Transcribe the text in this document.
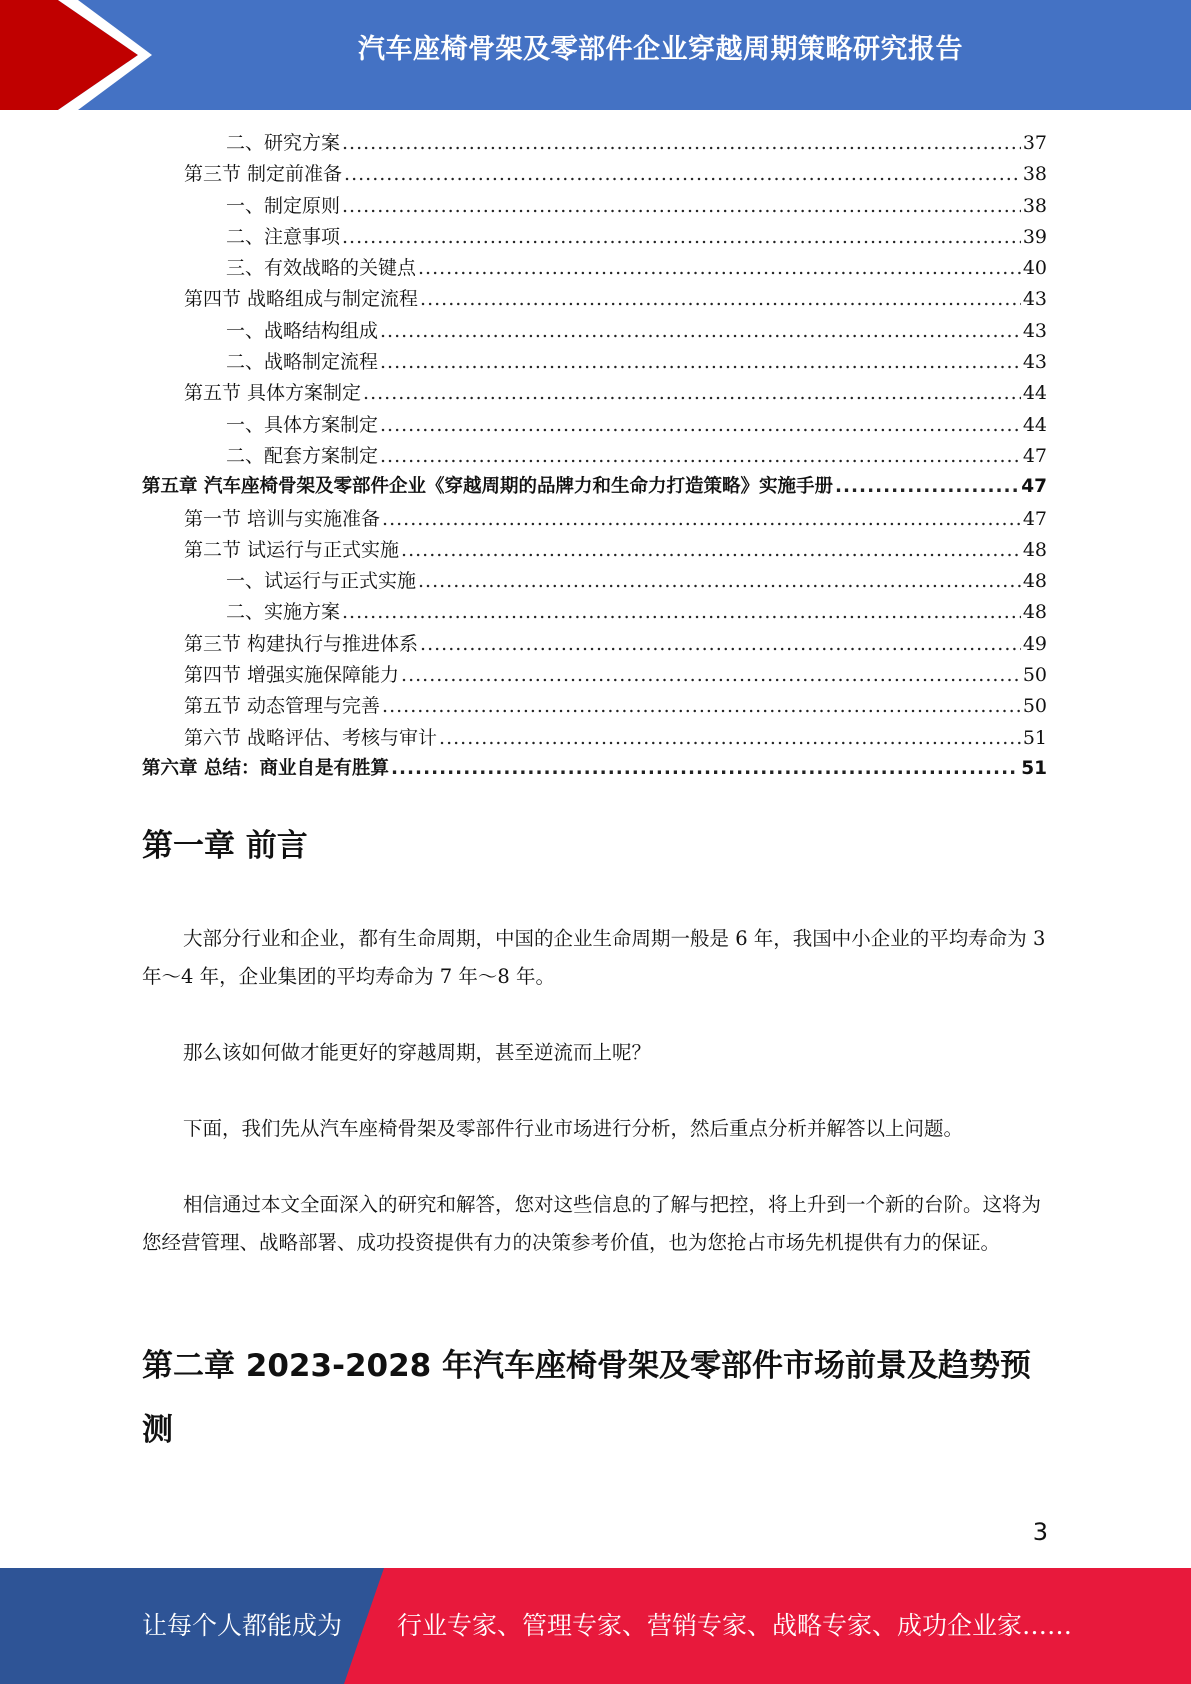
汽车座椅骨架及零部件企业穿越周期策略研究报告
二、研究方案 .....	37
第三节 制定前准备 .....	38
一、制定原则 .....	38
二、注意事项 .....	39
三、有效战略的关键点 .....	40
第四节 战略组成与制定流程 .....	43
一、战略结构组成 .....	43
二、战略制定流程 .....	43
第五节 具体方案制定 .....	44
一、具体方案制定 .....	44
二、配套方案制定 .....	47
第五章 汽车座椅骨架及零部件企业《穿越周期的品牌力和生命力打造策略》实施手册 .....	47
第一节 培训与实施准备 .....	47
第二节 试运行与正式实施 .....	48
一、试运行与正式实施 .....	48
二、实施方案 .....	48
第三节 构建执行与推进体系 .....	49
第四节 增强实施保障能力 .....	50
第五节 动态管理与完善 .....	50
第六节 战略评估、考核与审计 .....	51
第六章 总结：商业自是有胜算 .....	51
第一章 前言

大部分行业和企业，都有生命周期，中国的企业生命周期一般是 6 年，我国中小企业的平均寿命为 3 年～4 年，企业集团的平均寿命为 7 年～8 年。

那么该如何做才能更好的穿越周期，甚至逆流而上呢？

下面，我们先从汽车座椅骨架及零部件行业市场进行分析，然后重点分析并解答以上问题。

相信通过本文全面深入的研究和解答，您对这些信息的了解与把控，将上升到一个新的台阶。这将为您经营管理、战略部署、成功投资提供有力的决策参考价值，也为您抢占市场先机提供有力的保证。

第二章 2023-2028 年汽车座椅骨架及零部件市场前景及趋势预
测
3
让每个人都能成为 行业专家、管理专家、营销专家、战略专家、成功企业家……
